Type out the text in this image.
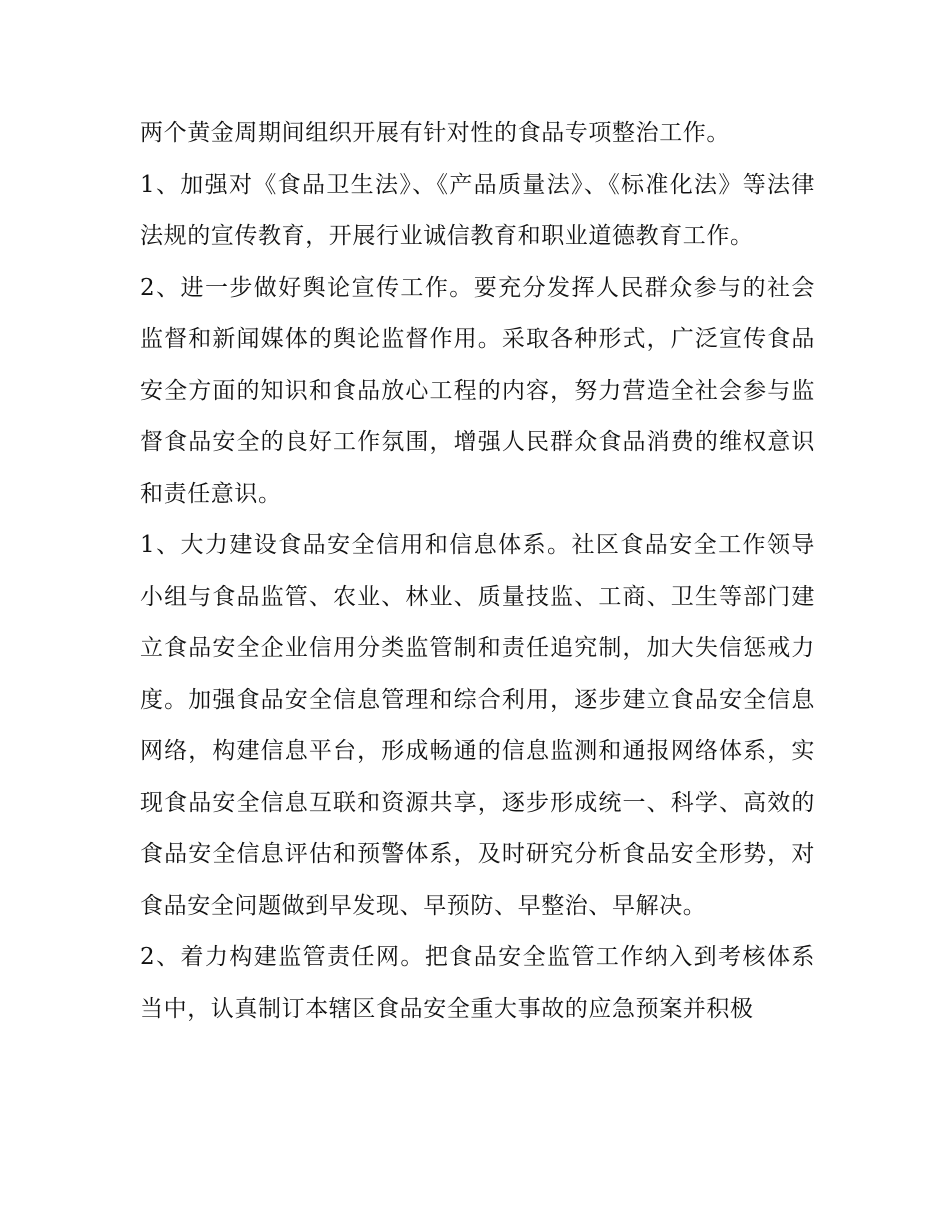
两个黄金周期间组织开展有针对性的食品专项整治工作。

1、加强对《食品卫生法》、《产品质量法》、《标准化法》等法律法规的宣传教育，开展行业诚信教育和职业道德教育工作。

2、进一步做好舆论宣传工作。要充分发挥人民群众参与的社会监督和新闻媒体的舆论监督作用。采取各种形式，广泛宣传食品安全方面的知识和食品放心工程的内容，努力营造全社会参与监督食品安全的良好工作氛围，增强人民群众食品消费的维权意识和责任意识。

1、大力建设食品安全信用和信息体系。社区食品安全工作领导小组与食品监管、农业、林业、质量技监、工商、卫生等部门建立食品安全企业信用分类监管制和责任追究制，加大失信惩戒力度。加强食品安全信息管理和综合利用，逐步建立食品安全信息网络，构建信息平台，形成畅通的信息监测和通报网络体系，实现食品安全信息互联和资源共享，逐步形成统一、科学、高效的食品安全信息评估和预警体系，及时研究分析食品安全形势，对食品安全问题做到早发现、早预防、早整治、早解决。

2、着力构建监管责任网。把食品安全监管工作纳入到考核体系当中，认真制订本辖区食品安全重大事故的应急预案并积极
